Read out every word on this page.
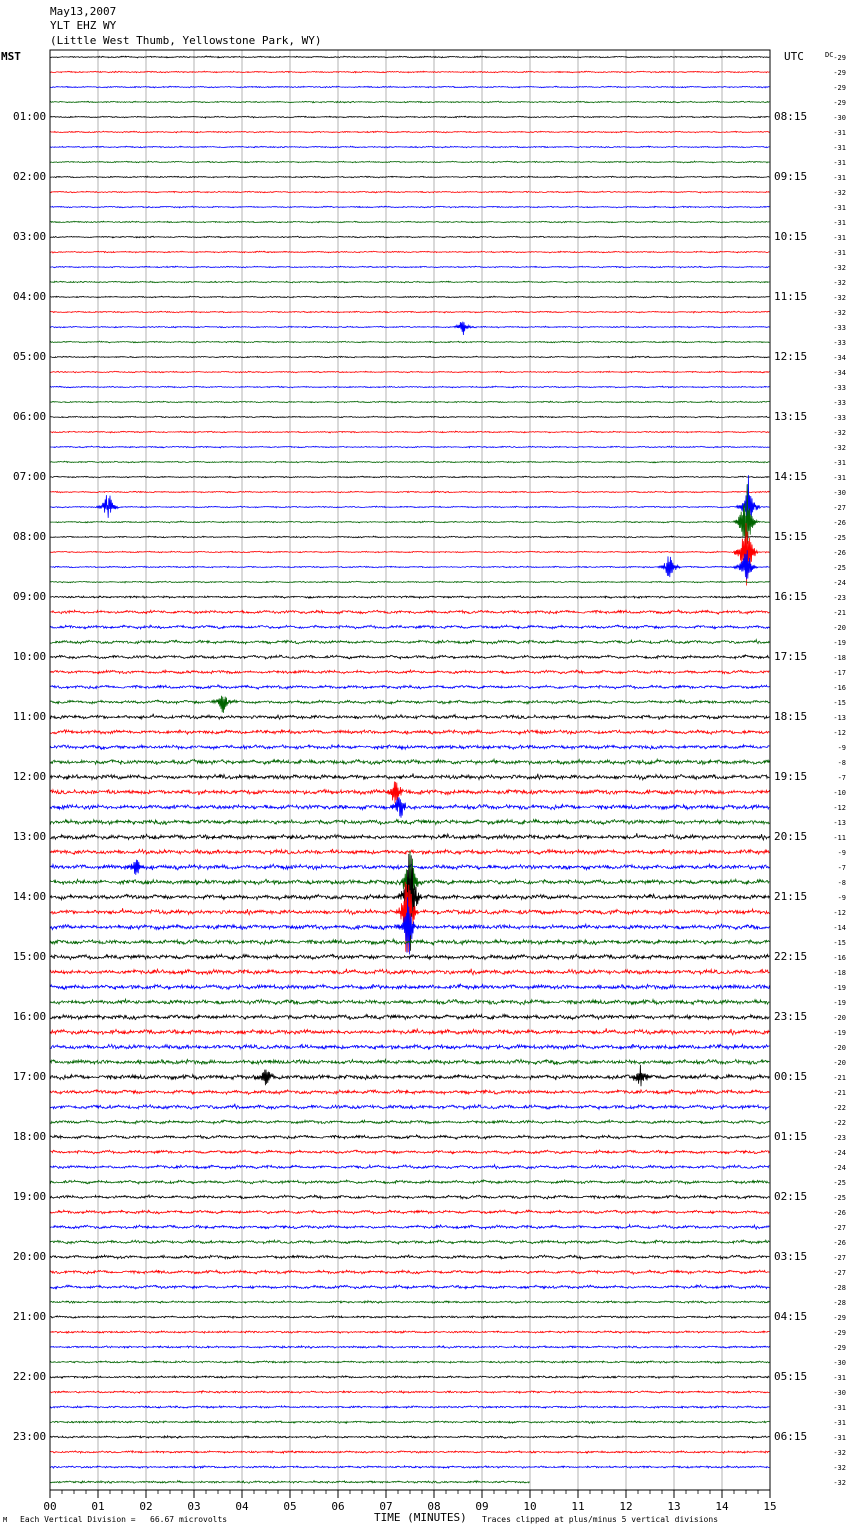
May13,2007
YLT EHZ WY
(Little West Thumb, Yellowstone Park, WY)
MST	UTC	DC
01:00
02:00
03:00
04:00
05:00
06:00
07:00
08:00
09:00
10:00
11:00
12:00
13:00
14:00
15:00
16:00
17:00
18:00
19:00
20:00
21:00
22:00
23:00
08:15
09:15
10:15
11:15
12:15
13:15
14:15
15:15
16:15
17:15
18:15
19:15
20:15
21:15
22:15
23:15
00:15
01:15
02:15
03:15
04:15
05:15
06:15
-29
-29
-29
-29
-30
-31
-31
-31
-31
-32
-31
-31
-31
-31
-32
-32
-32
-32
-33
-33
-34
-34
-33
-33
-33
-32
-32
-31
-31
-30
-27
-26
-25
-26
-25
-24
-23
-21
-20
-19
-18
-17
-16
-15
-13
-12
-9
-8
-7
-10
-12
-13
-11
-9
-7
-8
-9
-12
-14
-15
-16
-18
-19
-19
-20
-19
-20
-20
-21
-21
-22
-22
-23
-24
-24
-25
-25
-26
-27
-26
-27
-27
-28
-28
-29
-29
-29
-30
-31
-30
-31
-31
-31
-32
-32
-32
00	01	02	03	04	05	06	07	08	09	10	11	12	13	14	15
M Each Vertical Division =   66.67 microvolts	TIME (MINUTES) Traces clipped at plus/minus 5 vertical divisions
